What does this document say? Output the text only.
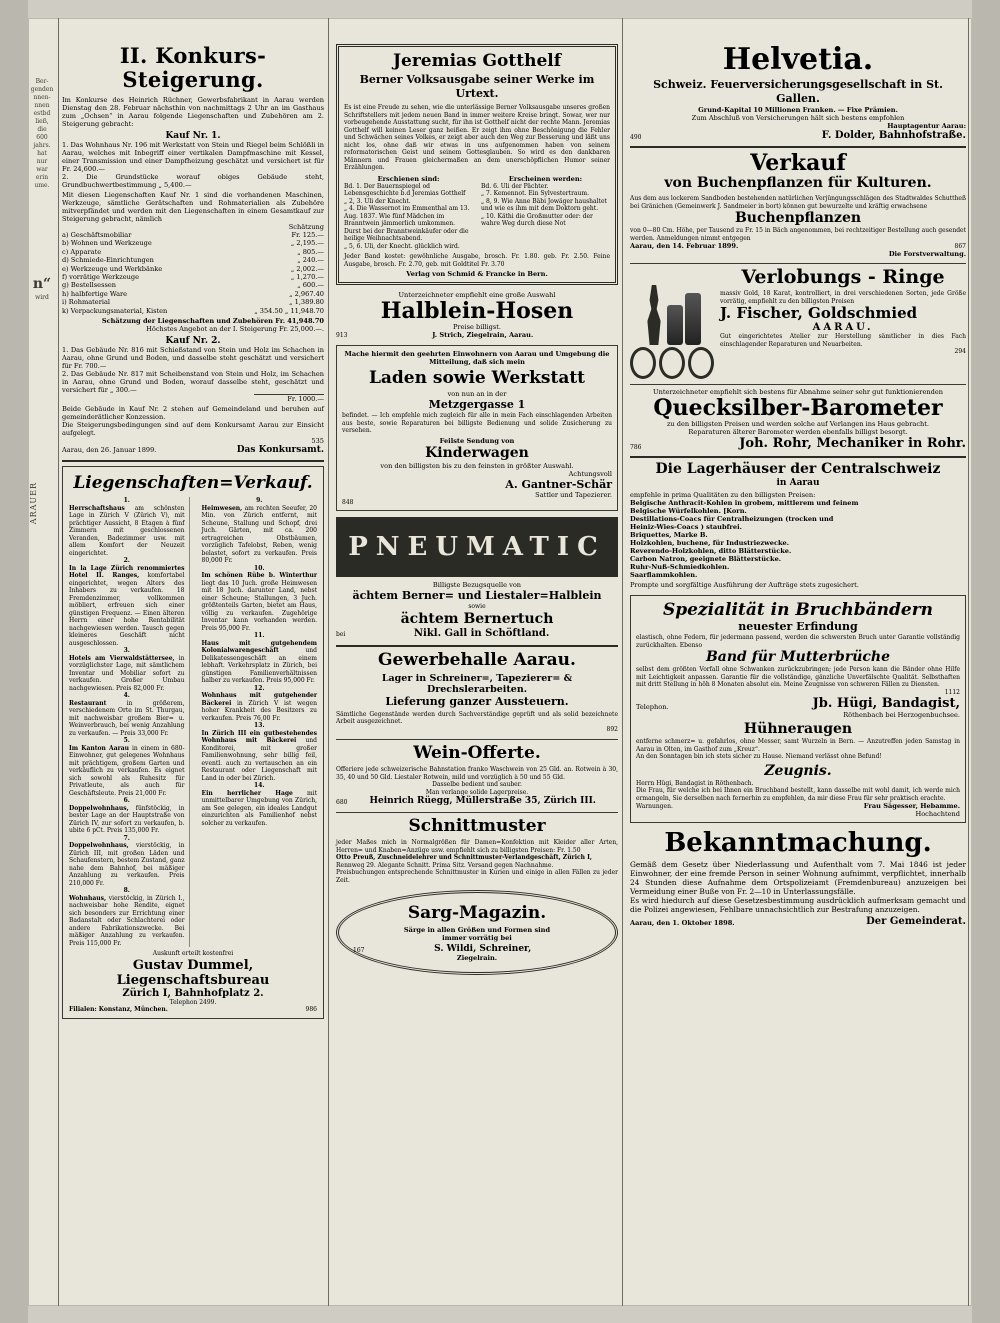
Ber-
genden
nnen-
nnen
estbd
ließ,
die
600
jahrs.
hat
nur
war
erin
ume.
n“
wird
ARAUER
II. Konkurs-Steigerung.
Im Konkurse des Heinrich Rüchner, Gewerbsfabrikant in Aarau werden Dienstag den 28. Februar nächsthin von nachmittags 2 Uhr an im Gasthaus zum „Ochsen“ in Aarau folgende Liegenschaften und Zubehören am 2. Steigerung gebracht:
Kauf Nr. 1.
1. Das Wohnhaus Nr. 196 mit Werkstatt von Stein und Riegel beim Schlößli in Aarau, welches mit Inbegriff einer vertikalen Dampfmaschine mit Kessel, einer Transmission und einer Dampfheizung geschätzt und versichert ist für Fr. 24,600.—
2. Die Grundstücke worauf obiges Gebäude steht, Grundbuchwertbestimmung „ 5,400.—
Mit diesen Liegenschaften Kauf Nr. 1 sind die vorhandenen Maschinen, Werkzeuge, sämtliche Gerätschaften und Rohmaterialien als Zubehöre mitverpfändet und werden mit den Liegenschaften in einem Gesamtkauf zur Steigerung gebracht, nämlich
Schätzung
a) Geschäftsmobiliar	Fr. 125.—
b) Wohnen und Werkzeuge	„ 2,195.—
c) Apparate	„ 805.—
d) Schmiede-Einrichtungen	„ 240.—
e) Werkzeuge und Werkbänke	„ 2,002.—
f) vorrätige Werkzeuge	„ 1,270.—
g) Bestellsessen	„ 600.—
h) halbfertige Ware	„ 2,967.40
i) Rohmaterial	„ 1,389.80
k) Verpackungsmaterial, Kisten	„ 354.50 „ 11,948.70
Schätzung der Liegenschaften und Zubehören Fr. 41,948.70
Höchstes Angebot an der I. Steigerung Fr. 25,000.—.
Kauf Nr. 2.
1. Das Gebäude Nr. 816 mit Schießstand von Stein und Holz im Schachen in Aarau, ohne Grund und Boden, und dasselbe steht geschätzt und versichert für Fr. 700.—
2. Das Gebäude Nr. 817 mit Scheibenstand von Stein und Holz, im Schachen in Aarau, ohne Grund und Boden, worauf dasselbe steht, geschätzt und versichert für „ 300.—
Fr. 1000.—
Beide Gebäude in Kauf Nr. 2 stehen auf Gemeindeland und beruhen auf gemeinderätlicher Konzession.
Die Steigerungsbedingungen sind auf dem Konkursamt Aarau zur Einsicht aufgelegt.
535
Aarau, den 26. Januar 1899.	Das Konkursamt.
Liegenschaften=Verkauf.
1.
Herrschaftshaus am schönsten Lage in Zürich V (Zürich V), mit prächtiger Aussicht, 8 Etagen à fünf Zimmern mit geschlossenen Veranden, Badezimmer usw. mit allem Komfort der Neuzeit eingerichtet.
2.
In la Lage Zürich renommiertes Hotel II. Ranges, komfortabel eingerichtet, wegen Alters des Inhabers zu verkaufen. 18 Fremdenzimmer, vollkommen möbliert, erfreuen sich einer günstigen Frequenz. — Einen älteren Herrn einer hohe Rentabilität nachgewiesen werden. Tausch gegen kleineres Geschäft nicht ausgeschlossen.
3.
Hotels am Vierwaldstättersee, in vorzüglichster Lage, mit sämtlichem Inventar und Mobiliar sofort zu verkaufen. Großer Umbau nachgewiesen. Preis 82,000 Fr.
4.
Restaurant	in größerem, verschiedenem Orte im St. Thurgau, mit nachweisbar großem Bier= u. Weinverbrauch, bei wenig Anzahlung zu verkaufen. — Preis 33,000 Fr.
5.
Im Kanton Aarau in einem in 680-Einwohner, gut gelegenes Wohnhaus mit prächtigem, großem Garten und verkäuflich zu verkaufen. Es eignet sich sowohl als Ruhesitz für Privatleute, als auch für Geschäftsleute. Preis 21,000 Fr.
6.
Doppelwohnhaus, fünfstöckig, in bester Lage an der Hauptstraße von Zürich IV, zur sofort zu verkaufen, b. ubite 6 pCt. Preis 135,000 Fr.
7.
Doppelwohnhaus, vierstöckig, in Zürich III, mit großen Läden und Schaufenstern, bestem Zustand, ganz nahe dem Bahnhof, bei mäßiger Anzahlung zu verkaufen. Preis 210,000 Fr.
8.
Wohnhaus, vierstöckig, in Zürich I., nachweisbar hohe Rendite, eignet sich besonders zur Errichtung einer Badanstalt oder Schlachterei oder andere Fabrikationszwecke. Bei mäßiger Anzahlung zu verkaufen. Preis 115,000 Fr.
9.
Heimwesen, am rechten Seeufer, 20 Min. von Zürich entfernt, mit Scheune, Stallung und Schopf, drei Juch. Gärten, mit ca. 200 ertragreichen Obstbäumen, vorzüglich Tafelobst, Reben, wenig belastet, sofort zu verkaufen. Preis 80,000 Fr.
10.
Im schönen Rübe b. Winterthur liegt das 10 Juch. große Heimwesen mit 18 Juch. darunter Land, nebst einer Scheune; Stallungen, 3 Juch. größtenteils Garten, bietet am Haus, völlig zu verkaufen. Zugehörige Inventar kann vorhanden werden. Preis 95,000 Fr.
11.
Haus mit gutgehendem Kolonialwarengeschäft	und Delikatessengeschäft an einem lebhaft. Verkehrsplatz in Zürich, bei günstigen Familienverhältnissen halber zu verkaufen. Preis 95,000 Fr.
12.
Wohnhaus mit gutgehender Bäckerei in Zürich V ist wegen hoher Krankheit des Besitzers zu verkaufen. Preis 76,00 Fr.
13.
In Zürich III ein gutbestehendes Wohnhaus mit Bäckerei und Konditorei, mit großer Familienwohnung, sehr billig feil, eventl. auch zu vertauschen an ein Restaurant oder Liegenschaft mit Land in oder bei Zürich.
14.
Ein herrlicher Hage mit unmittelbarer Umgebung von Zürich, am See gelegen, ein ideales Landgut einzurichten als Familienhof nebst solcher zu verkaufen.
Auskunft erteilt kostenfrei
Gustav Dummel, Liegenschaftsbureau
Zürich I, Bahnhofplatz 2.
Telephon 2499.
Filialen: Konstanz, München.	986
Jeremias Gotthelf
Berner Volksausgabe seiner Werke im Urtext.
Es ist eine Freude zu sehen, wie die unterlässige Berner Volksausgabe unseres großen Schriftstellers mit jedem neuen Band in immer weitere Kreise bringt. Sowar, wer nur vorbeugehende Ausstattung sucht, für ihn ist Gotthelf nicht der rechte Mann. Jeremias Gotthelf will keinen Leser ganz heißen. Er zeigt ihm ohne Beschönigung die Fehler und Schwächen seines Volkes, er zeigt aber auch den Weg zur Besserung und läßt uns nicht los, ohne daß wir etwas in uns aufgenommen haben von seinem reformatorischen Geist und seinem Gottesglauben. So wird es den dankbaren Männern und Frauen gleichermaßen an dem unerschöpflichen Humor seiner Erzählungen.
Erschienen sind:
Bd. 1. Der Bauernspiegel od Lebensgeschichte b.d Jeremias Gotthelf
„ 2, 3. Uli der Knecht.
„ 4. Die Wassernot im Emmenthal am 13. Aug. 1837. Wie fünf Mädchen im Branntwein jämmerlich umkommen. Durst bei der Branntweinkäufer oder die heilige Weihnachtsabend.
„ 5, 6. Uli, der Knecht. glücklich wird.
Erscheinen werden:
Bd. 6. Uli der Pächter.
„ 7. Kemennot. Ein Sylvestertraum.
„ 8, 9. Wie Anne Bäbi Jowäger haushaltet und wie es ihm mit dem Doktorn geht.
„ 10. Käthi die Großmutter oder: der wahre Weg durch diese Not
Jeder Band kostet: gewöhnliche Ausgabe, brosch. Fr. 1.80. geb. Fr. 2.50. Feine Ausgabe, brosch. Fr. 2.70, geb. mit Goldtitel Fr. 3.70
Verlag von Schmid & Francke in Bern.
Unterzeichneter empfiehlt eine große Auswahl
Halblein-Hosen
Preise billigst.
913	J. Strich, Ziegelrain, Aarau.
Mache hiermit den geehrten Einwohnern von Aarau und Umgebung die Mitteilung, daß sich mein
Laden sowie Werkstatt
von nun an in der
Metzgergasse 1
befindet. — Ich empfehle mich zugleich für alle in mein Fach einschlagenden Arbeiten aus beste, sowie Reparaturen bei billigste Bedienung und solide Zusicherung zu versehen.
Feilste Sendung von
Kinderwagen
von den billigsten bis zu den feinsten in größter Auswahl.
Achtungsvoll
A. Gantner-Schär
Sattler und Tapezierer.
848
PNEUMATIC
Billigste Bezugsquelle von
ächtem Berner= und Liestaler=Halblein
sowie
ächtem Bernertuch
bei	Nikl. Gall in Schöftland.
Gewerbehalle Aarau.
Lager in Schreiner=, Tapezierer= & Drechslerarbeiten.
Lieferung ganzer Aussteuern.
Sämtliche Gegenstände werden durch Sachverständige geprüft und als solid bezeichnete Arbeit ausgezeichnet.
892
Wein-Offerte.
Offeriere jede schweizerische Bahnstation franko Waschwein von 25 Gld. an. Rotwein à 30, 35, 40 und 50 Gld. Liestaler Rotwein, mild und vorzüglich à 50 und 55 Gld.
Dasselbe bedient und sauber.
Man verlange solide Lagerpreise.
680 Heinrich Rüegg, Müllerstraße 35, Zürich III.
Schnittmuster
jeder Maßes mich in Normalgrößen für Damen=Konfektion mit Kleider aller Arten, Herren= und Knaben=Anzüge usw. empfiehlt sich zu billigsten Preisen: Fr. 1.50
Otto Preuß, Zuschneidelehrer und Schnittmuster-Verlandgeschäft, Zürich I,
Rennweg 29. Alegante Schnitt. Prima Sitz. Versand gegen Nachnahme.
Preisbuchungen entsprechende Schnittmuster in Kurien und einige in allen Fällen zu jeder Zeit.
Sarg-Magazin.
Särge in allen Größen und Formen sind
immer vorrätig bei
167	S. Wildi, Schreiner,
Ziegelrain.
Helvetia.
Schweiz. Feuerversicherungsgesellschaft in St. Gallen.
Grund-Kapital 10 Millionen Franken. — Fixe Prämien.
Zum Abschluß von Versicherungen hält sich bestens empfohlen
Hauptagentur Aarau:
490	F. Dolder, Bahnhofstraße.
Verkauf
von Buchenpflanzen für Kulturen.
Aus dem aus lockerem Sandboden bestehenden natürlichen Verjüngungsschlägen des Stadtwaldes Schuttheß bei Gränichen (Gemeinwerk J. Sandmeier in bort) können gut bewurzelte und kräftig erwachsene
Buchenpflanzen
von 0—80 Cm. Höhe, per Tausend zu Fr. 15 in Bäch angenommen, bei rechtzeitiger Bestellung auch gesendet werden. Anmeldungen nimmt entgegen
Aarau, den 14. Februar 1899.	867
Die Forstverwaltung.
Verlobungs - Ringe
massiv Gold, 18 Karat, kontrolliert, in drei verschiedenen Sorten, jede Größe vorrätig, empfiehlt zu den billigsten Preisen
J. Fischer, Goldschmied
AARAU.
Gut eingerichtetes Atelier zur Herstellung sämtlicher in dies Fach einschlagender Reparaturen und Neuarbeiten.
294
Unterzeichneter empfiehlt sich bestens für Abnahme seiner sehr gut funktionierenden
Quecksilber-Barometer
zu den billigsten Preisen und werden solche auf Verlangen ins Haus gebracht.
Reparaturen älterer Barometer werden ebenfalls billigst besorgt.
786	Joh. Rohr, Mechaniker in Rohr.
Die Lagerhäuser der Centralschweiz
in Aarau
empfehle in prima Qualitäten zu den billigsten Preisen:
Belgische Anthracit-Kohlen in grobem, mittlerem und feinem
Belgische Würfelkohlen. [Korn.
Destillations-Coacs für Centralheizungen (trocken und
Heiniz-Wies-Coacs ) staubfrei.
Briquettes, Marke B.
Holzkohlen, buchene, für Industriezwecke.
Reverendo-Holzkohlen, ditto Blätterstücke.
Carbon Natron, geeignete Blätterstücke.
Ruhr-Nuß-Schmiedkohlen.
Saarflammkohlen.
Prompte und sorgfältige Ausführung der Aufträge stets zugesichert.
Spezialität in Bruchbändern
neuester Erfindung
elastisch, ohne Federn, für jedermann passend, werden die schwersten Bruch unter Garantie vollständig zurückhalten. Ebenso
Band für Mutterbrüche
selbst dem größten Vorfall ohne Schwanken zurückzubringen; jede Person kann die Bänder ohne Hilfe mit Leichtigkeit anpassen. Garantie für die vollständige, gänzliche Unverfälschte Qualität. Selbsthaften mit dritt Stellung in höh 8 Monaten absolut ein. Meine Zeugnisse von schweren Fällen zu Diensten.
1112
Telephon.	Jb. Hügi, Bandagist,
Röthenbach bei Herzogenbuchsee.
Hühneraugen
entferne schmerz= u. gefahrlos, ohne Messer, samt Wurzeln in Bern. — Anzutreffen jeden Samstag in Aarau in Olten, im Gasthof zum „Kreuz“.
An den Sonntagen bin ich stets sicher zu Hause. Niemand verlässt ohne Befund!
Zeugnis.
Herrn Hügi, Bandagist in Röthenbach.
Die Frau, für welche ich bei Ihnen ein Bruchband bestellt, kann dasselbe mit wohl damit, ich werde mich ermangeln, Sie derselben nach fernerhin zu empfehlen, da mir diese Frau für sehr praktisch erachte.
Warnungen.	Frau Sägesser, Hebamme.
Hochachtend
Bekanntmachung.
Gemäß dem Gesetz über Niederlassung und Aufenthalt vom 7. Mai 1846 ist jeder Einwohner, der eine fremde Person in seiner Wohnung aufnimmt, verpflichtet, innerhalb 24 Stunden diese Aufnahme dem Ortspolizeiamt (Fremdenbureau) anzuzeigen bei Vermeidung einer Buße von Fr. 2—10 in Unterlassungsfälle.
Es wird hiedurch auf diese Gesetzesbestimmung ausdrücklich aufmerksam gemacht und die Polizei angewiesen, Fehlbare unnachsichtlich zur Bestrafung anzuzeigen.
Aarau, den 1. Oktober 1898.	Der Gemeinderat.
